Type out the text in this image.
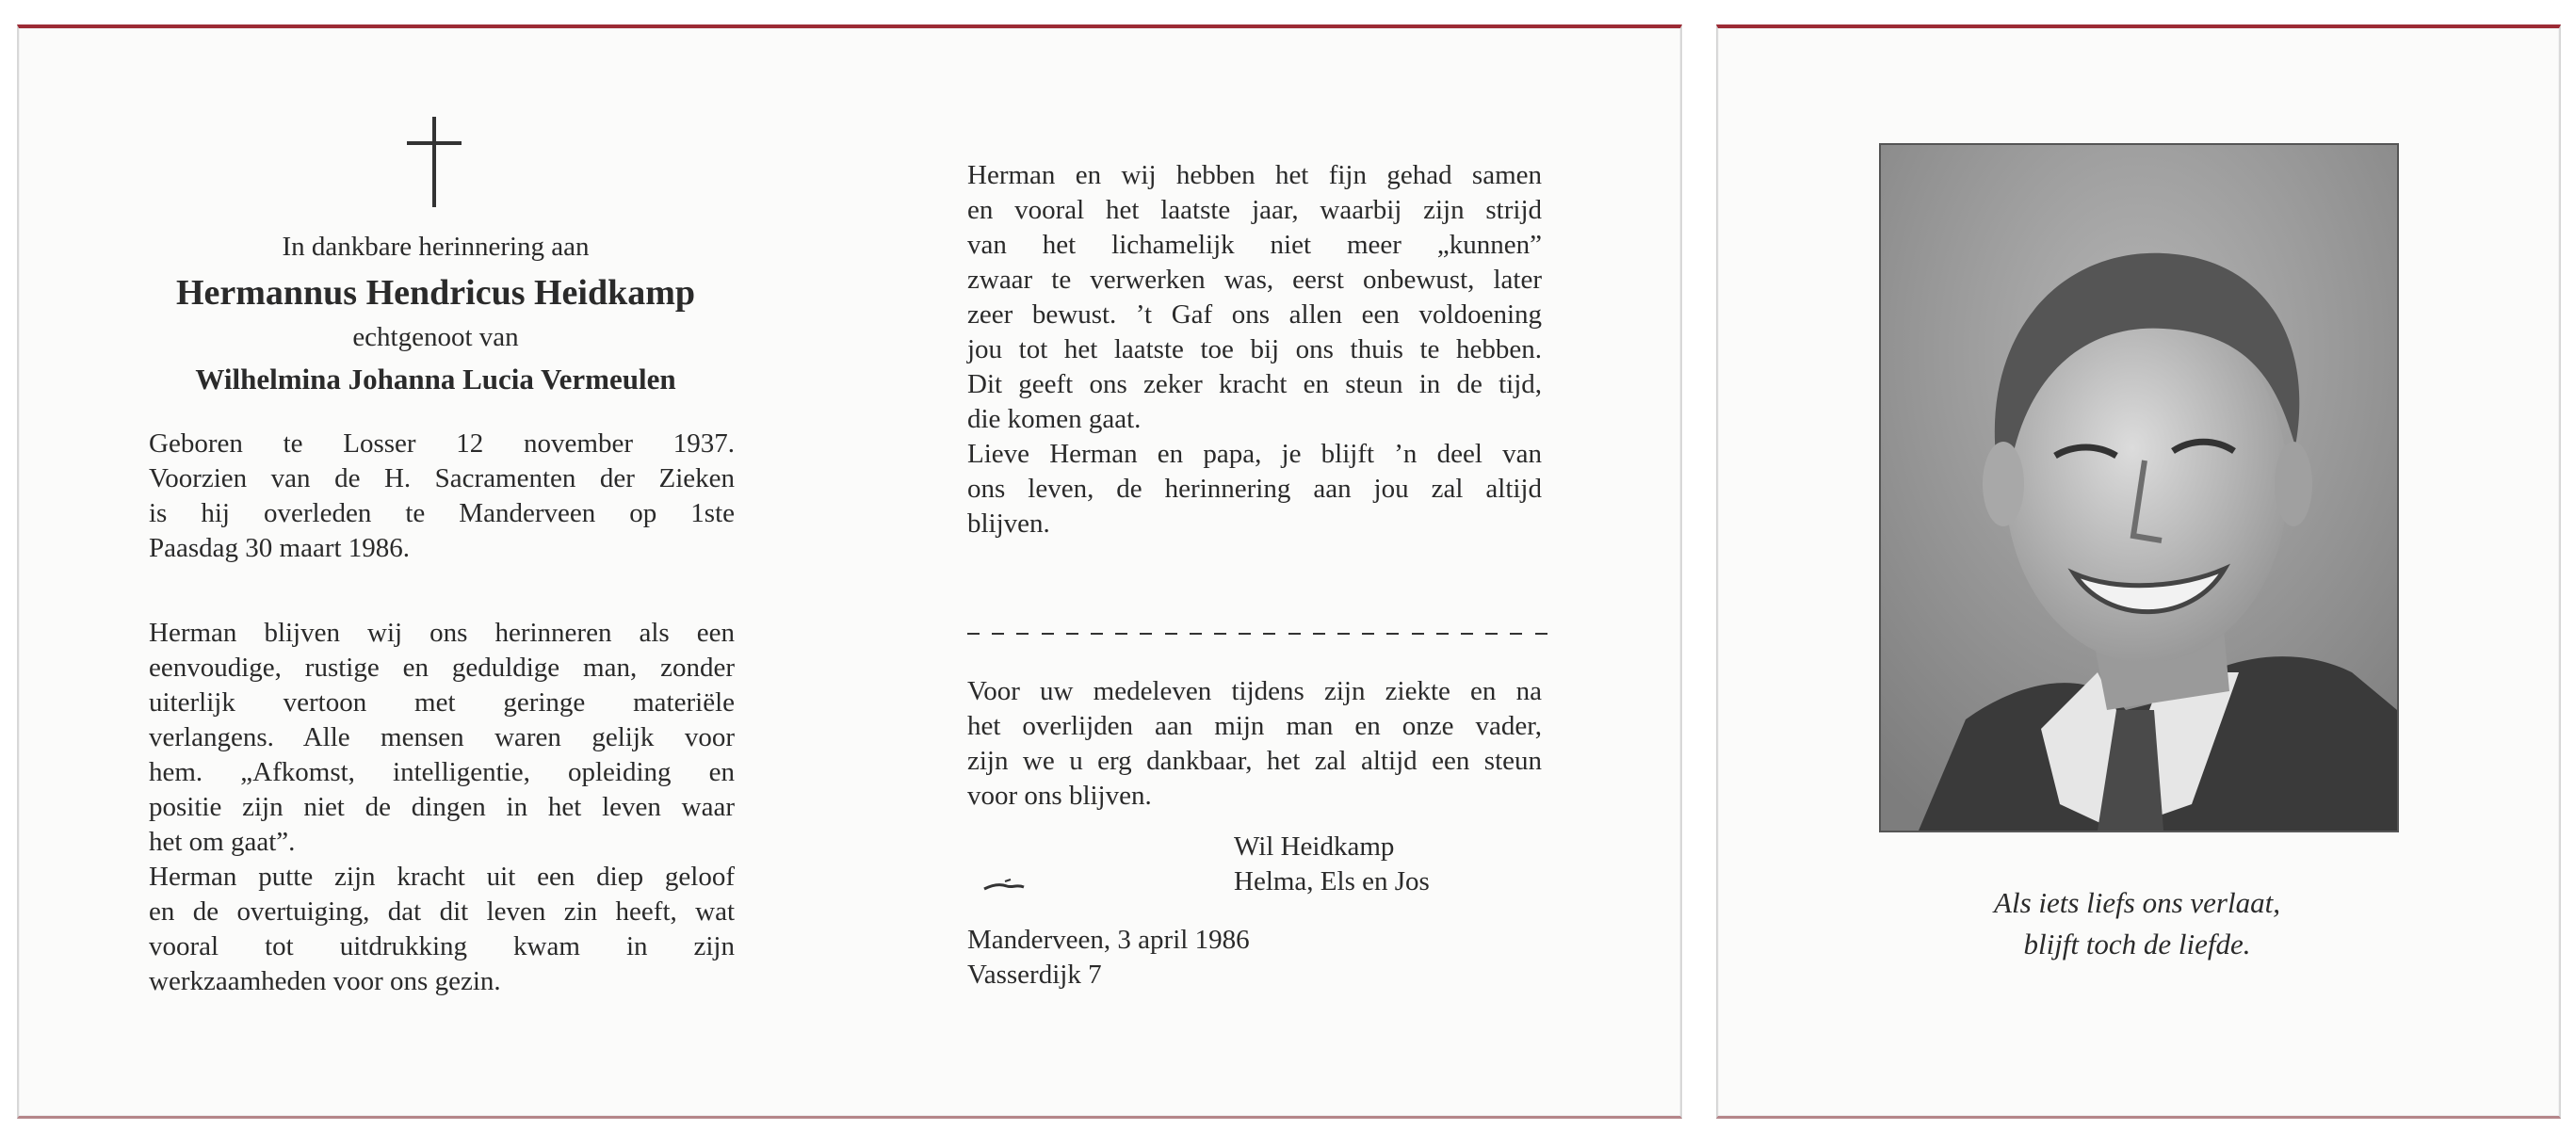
In dankbare herinnering aan
Hermannus Hendricus Heidkamp
echtgenoot van
Wilhelmina Johanna Lucia Vermeulen
Geboren te Losser 12 november 1937.
Voorzien van de H. Sacramenten der Zieken
is hij overleden te Manderveen op 1ste
Paasdag 30 maart 1986.
Herman blijven wij ons herinneren als een
eenvoudige, rustige en geduldige man, zonder
uiterlijk vertoon met geringe materiële
verlangens. Alle mensen waren gelijk voor
hem. „Afkomst, intelligentie, opleiding en
positie zijn niet de dingen in het leven waar
het om gaat”.
Herman putte zijn kracht uit een diep geloof
en de overtuiging, dat dit leven zin heeft, wat
vooral tot uitdrukking kwam in zijn
werkzaamheden voor ons gezin.
Herman en wij hebben het fijn gehad samen
en vooral het laatste jaar, waarbij zijn strijd
van het lichamelijk niet meer „kunnen”
zwaar te verwerken was, eerst onbewust, later
zeer bewust. ’t Gaf ons allen een voldoening
jou tot het laatste toe bij ons thuis te hebben.
Dit geeft ons zeker kracht en steun in de tijd,
die komen gaat.
Lieve Herman en papa, je blijft ’n deel van
ons leven, de herinnering aan jou zal altijd
blijven.
Voor uw medeleven tijdens zijn ziekte en na
het overlijden aan mijn man en onze vader,
zijn we u erg dankbaar, het zal altijd een steun
voor ons blijven.
Wil Heidkamp
Helma, Els en Jos
Manderveen, 3 april 1986
Vasserdijk 7
Als iets liefs ons verlaat,
blijft toch de liefde.
